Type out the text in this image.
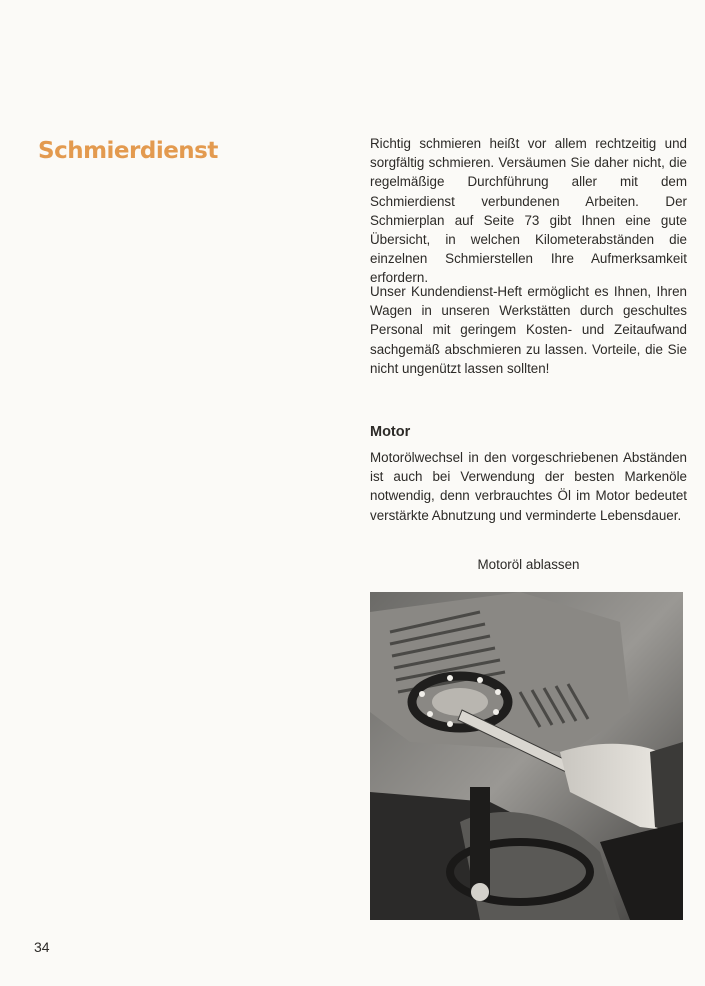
Schmierdienst	Richtig schmieren heißt vor allem rechtzeitig und sorgfältig schmieren. Versäumen Sie daher nicht, die regelmäßige Durchführung aller mit dem Schmierdienst verbundenen Arbeiten. Der Schmierplan auf Seite 73 gibt Ihnen eine gute Übersicht, in welchen Kilometerabständen die einzelnen Schmierstellen Ihre Aufmerksamkeit erfordern.

Unser Kundendienst-Heft ermöglicht es Ihnen, Ihren Wagen in unseren Werkstätten durch geschultes Personal mit geringem Kosten- und Zeitaufwand sachgemäß abschmieren zu lassen. Vorteile, die Sie nicht ungenützt lassen sollten!

Motor

Motorölwechsel in den vorgeschriebenen Abständen ist auch bei Verwendung der besten Markenöle notwendig, denn verbrauchtes Öl im Motor bedeutet verstärkte Abnutzung und verminderte Lebensdauer.

Motoröl ablassen

34
